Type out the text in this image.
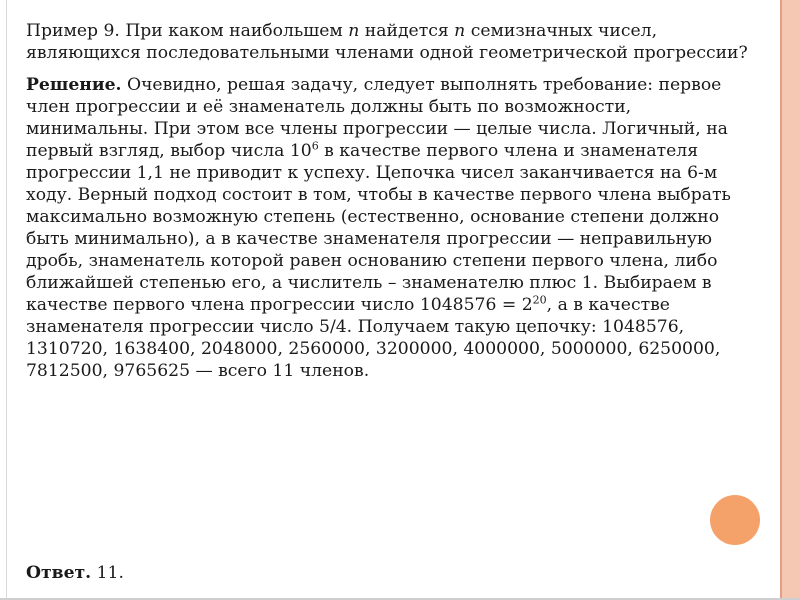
Пример 9. При каком наибольшем n найдется n семизначных чисел, являющихся последовательными членами одной геометрической прогрессии?

Решение. Очевидно, решая задачу, следует выполнять требование: первое член прогрессии и её знаменатель должны быть по возможности, минимальны. При этом все члены прогрессии — целые числа. Логичный, на первый взгляд, выбор числа $10^6$ в качестве первого члена и знаменателя прогрессии 1,1 не приводит к успеху. Цепочка чисел заканчивается на 6-м ходу. Верный подход состоит в том, чтобы в качестве первого члена выбрать максимально возможную степень (естественно, основание степени должно быть минимально), а в качестве знаменателя прогрессии — неправильную дробь, знаменатель которой равен основанию степени первого члена, либо ближайшей степенью его, а числитель – знаменателю плюс 1. Выбираем в качестве первого члена прогрессии число $1048576 = 2^{20}$, а в качестве знаменателя прогрессии число 5/4. Получаем такую цепочку: 1048576, 1310720, 1638400, 2048000, 2560000, 3200000, 4000000, 5000000, 6250000, 7812500, 9765625 — всего 11 членов.

Ответ. 11.
